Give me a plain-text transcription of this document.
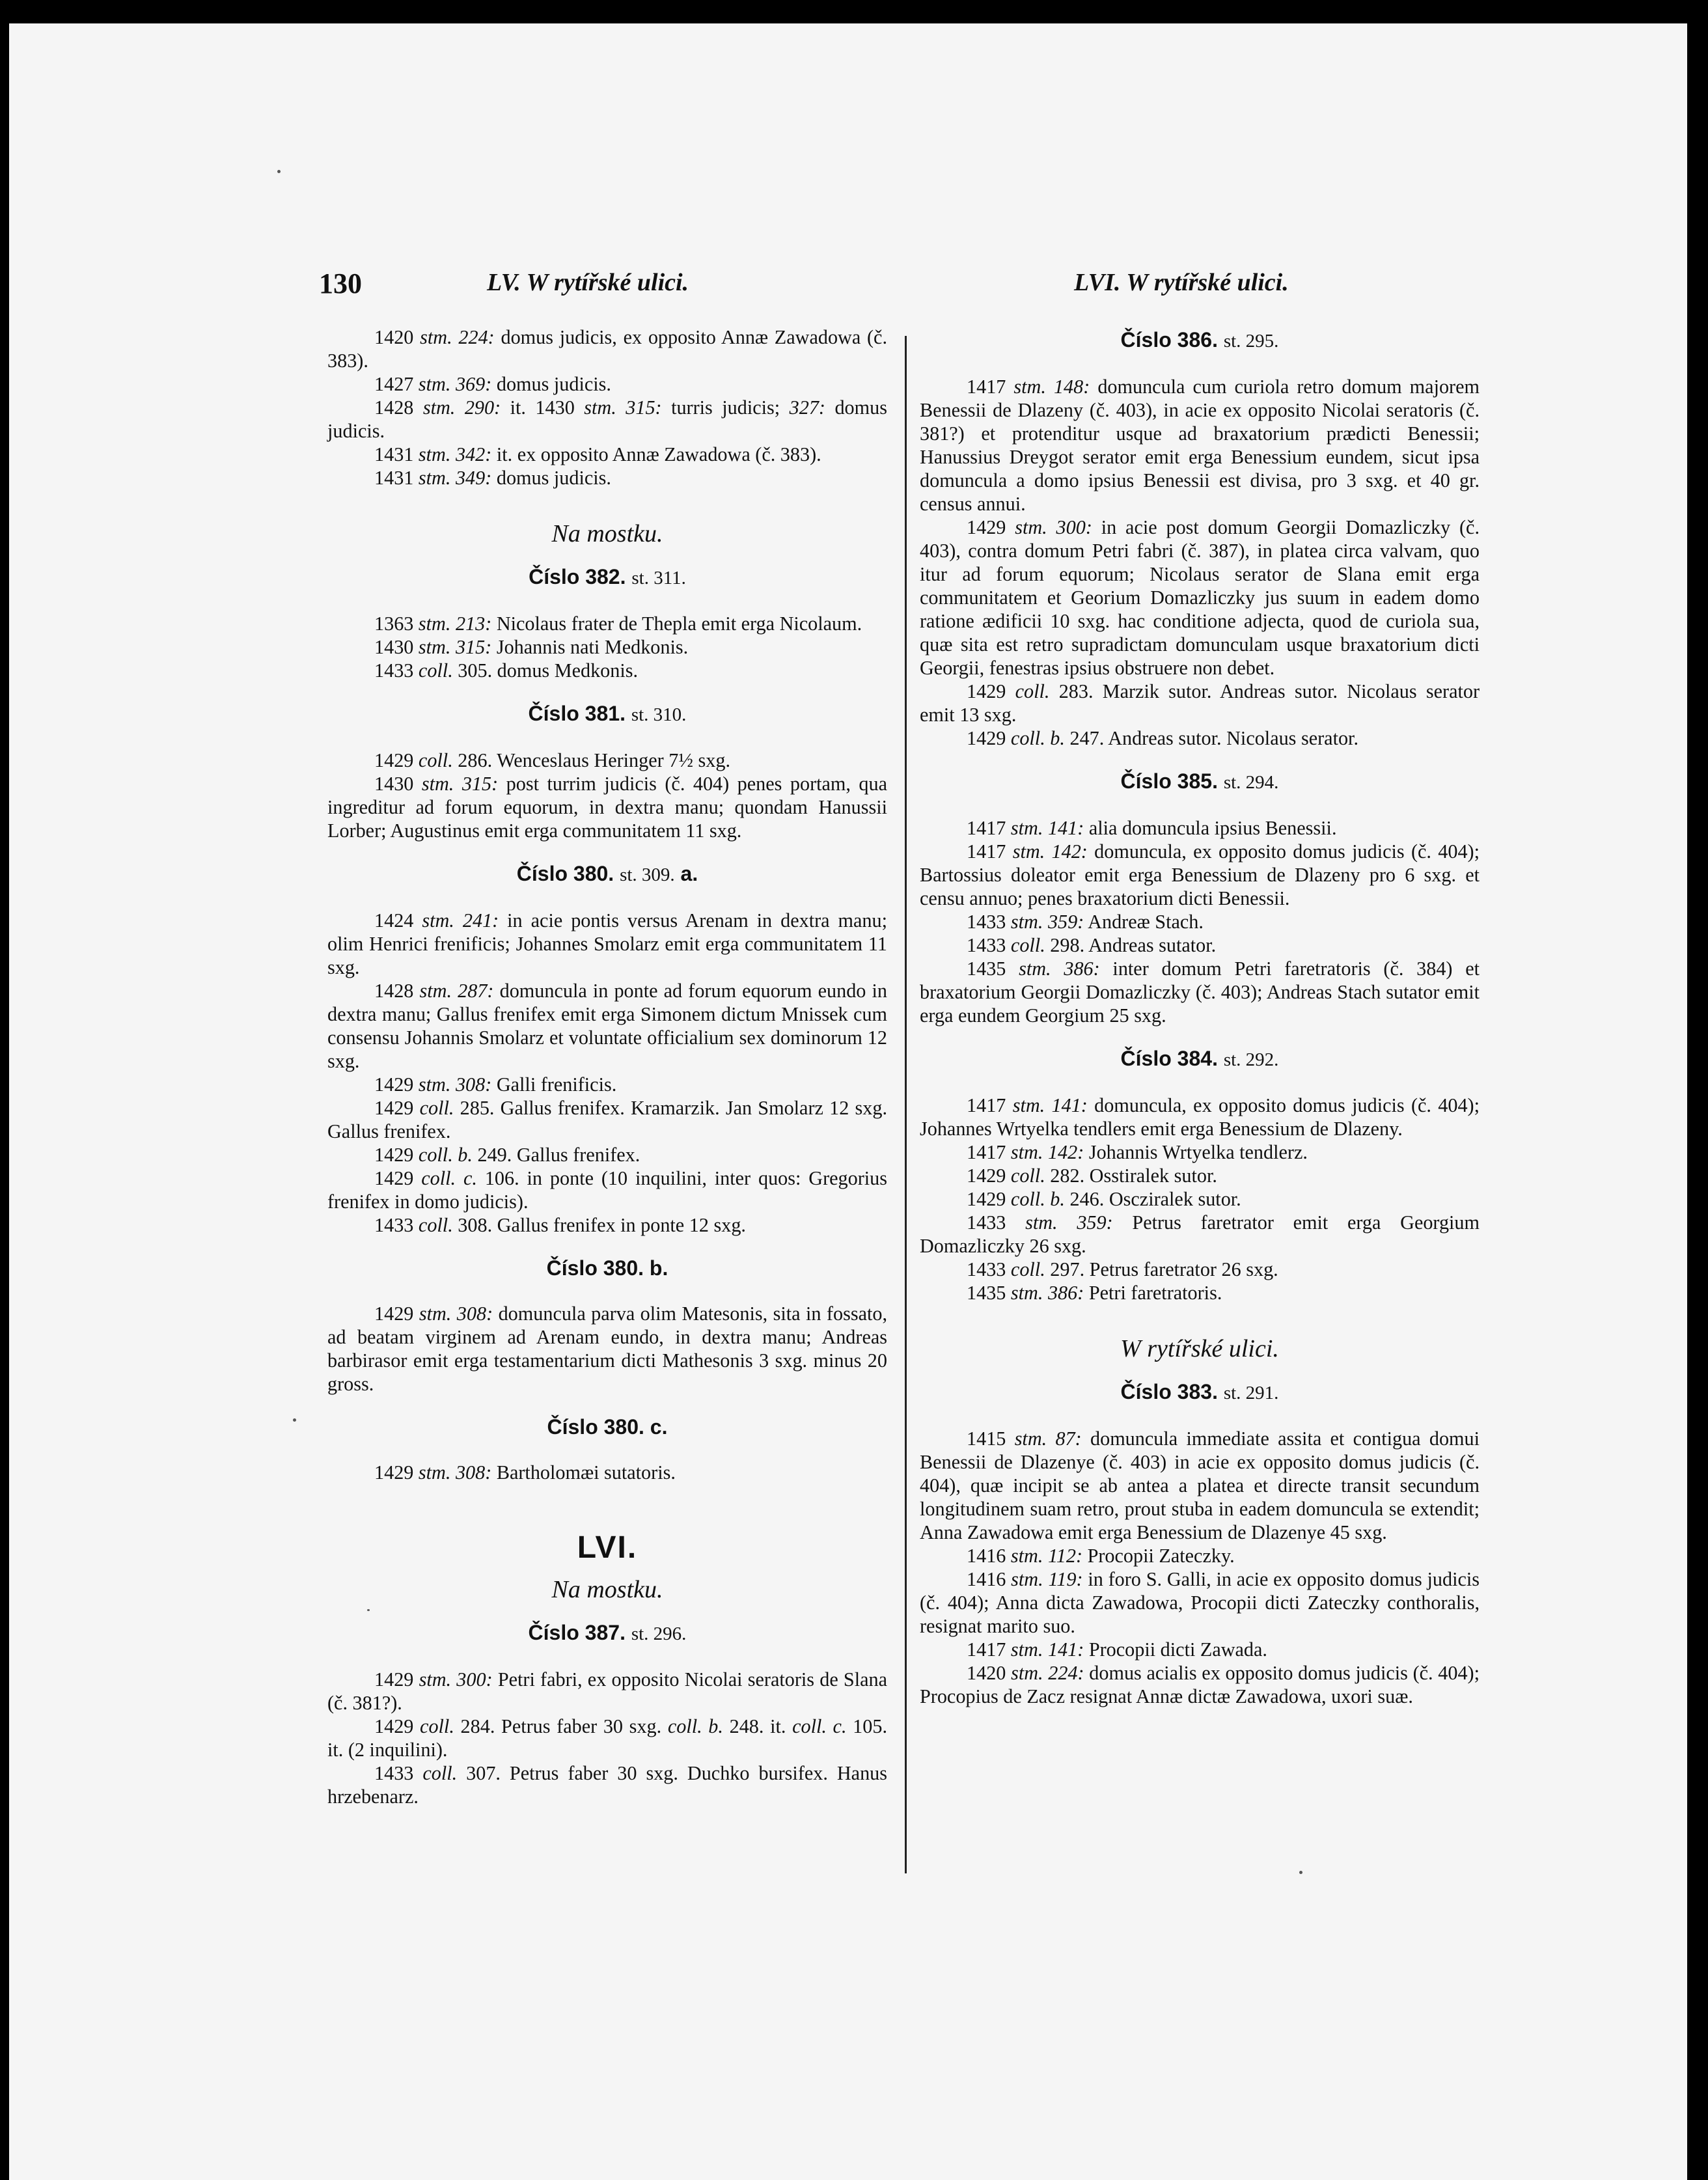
130	LV. W rytířské ulici.	LVI. W rytířské ulici.

1420 stm. 224: domus judicis, ex opposito Annæ Zawadowa (č. 383).

1427 stm. 369: domus judicis.

1428 stm. 290: it. 1430 stm. 315: turris judicis; 327: domus judicis.

1431 stm. 342: it. ex opposito Annæ Zawadowa (č. 383).

1431 stm. 349: domus judicis.

Na mostku.
Číslo 382. st. 311.

1363 stm. 213: Nicolaus frater de Thepla emit erga Nicolaum.

1430 stm. 315: Johannis nati Medkonis.

1433 coll. 305. domus Medkonis.

Číslo 381. st. 310.

1429 coll. 286. Wenceslaus Heringer 7½ sxg.

1430 stm. 315: post turrim judicis (č. 404) penes portam, qua ingreditur ad forum equorum, in dextra manu; quondam Hanussii Lorber; Augustinus emit erga communitatem 11 sxg.

Číslo 380. st. 309. a.

1424 stm. 241: in acie pontis versus Arenam in dextra manu; olim Henrici frenificis; Johannes Smolarz emit erga communitatem 11 sxg.

1428 stm. 287: domuncula in ponte ad forum equorum eundo in dextra manu; Gallus frenifex emit erga Simonem dictum Mnissek cum consensu Johannis Smolarz et voluntate officialium sex dominorum 12 sxg.

1429 stm. 308: Galli frenificis.

1429 coll. 285. Gallus frenifex. Kramarzik. Jan Smolarz 12 sxg. Gallus frenifex.

1429 coll. b. 249. Gallus frenifex.

1429 coll. c. 106. in ponte (10 inquilini, inter quos: Gregorius frenifex in domo judicis).

1433 coll. 308. Gallus frenifex in ponte 12 sxg.

Číslo 380. b.

1429 stm. 308: domuncula parva olim Matesonis, sita in fossato, ad beatam virginem ad Arenam eundo, in dextra manu; Andreas barbirasor emit erga testamentarium dicti Mathesonis 3 sxg. minus 20 gross.

Číslo 380. c.

1429 stm. 308: Bartholomæi sutatoris.

LVI.
Na mostku.
Číslo 387. st. 296.

1429 stm. 300: Petri fabri, ex opposito Nicolai seratoris de Slana (č. 381?).

1429 coll. 284. Petrus faber 30 sxg. coll. b. 248. it. coll. c. 105. it. (2 inquilini).

1433 coll. 307. Petrus faber 30 sxg. Duchko bursifex. Hanus hrzebenarz.

Číslo 386. st. 295.

1417 stm. 148: domuncula cum curiola retro domum majorem Benessii de Dlazeny (č. 403), in acie ex opposito Nicolai seratoris (č. 381?) et protenditur usque ad braxatorium prædicti Benessii; Hanussius Dreygot serator emit erga Benessium eundem, sicut ipsa domuncula a domo ipsius Benessii est divisa, pro 3 sxg. et 40 gr. census annui.

1429 stm. 300: in acie post domum Georgii Domazliczky (č. 403), contra domum Petri fabri (č. 387), in platea circa valvam, quo itur ad forum equorum; Nicolaus serator de Slana emit erga communitatem et Georium Domazliczky jus suum in eadem domo ratione ædificii 10 sxg. hac conditione adjecta, quod de curiola sua, quæ sita est retro supradictam domunculam usque braxatorium dicti Georgii, fenestras ipsius obstruere non debet.

1429 coll. 283. Marzik sutor. Andreas sutor. Nicolaus serator emit 13 sxg.

1429 coll. b. 247. Andreas sutor. Nicolaus serator.

Číslo 385. st. 294.

1417 stm. 141: alia domuncula ipsius Benessii.

1417 stm. 142: domuncula, ex opposito domus judicis (č. 404); Bartossius doleator emit erga Benessium de Dlazeny pro 6 sxg. et censu annuo; penes braxatorium dicti Benessii.

1433 stm. 359: Andreæ Stach.

1433 coll. 298. Andreas sutator.

1435 stm. 386: inter domum Petri faretratoris (č. 384) et braxatorium Georgii Domazliczky (č. 403); Andreas Stach sutator emit erga eundem Georgium 25 sxg.

Číslo 384. st. 292.

1417 stm. 141: domuncula, ex opposito domus judicis (č. 404); Johannes Wrtyelka tendlers emit erga Benessium de Dlazeny.

1417 stm. 142: Johannis Wrtyelka tendlerz.

1429 coll. 282. Osstiralek sutor.

1429 coll. b. 246. Oscziralek sutor.

1433 stm. 359: Petrus faretrator emit erga Georgium Domazliczky 26 sxg.

1433 coll. 297. Petrus faretrator 26 sxg.

1435 stm. 386: Petri faretratoris.

W rytířské ulici.
Číslo 383. st. 291.

1415 stm. 87: domuncula immediate assita et contigua domui Benessii de Dlazenye (č. 403) in acie ex opposito domus judicis (č. 404), quæ incipit se ab antea a platea et directe transit secundum longitudinem suam retro, prout stuba in eadem domuncula se extendit; Anna Zawadowa emit erga Benessium de Dlazenye 45 sxg.

1416 stm. 112: Procopii Zateczky.

1416 stm. 119: in foro S. Galli, in acie ex opposito domus judicis (č. 404); Anna dicta Zawadowa, Procopii dicti Zateczky conthoralis, resignat marito suo.

1417 stm. 141: Procopii dicti Zawada.

1420 stm. 224: domus acialis ex opposito domus judicis (č. 404); Procopius de Zacz resignat Annæ dictæ Zawadowa, uxori suæ.
